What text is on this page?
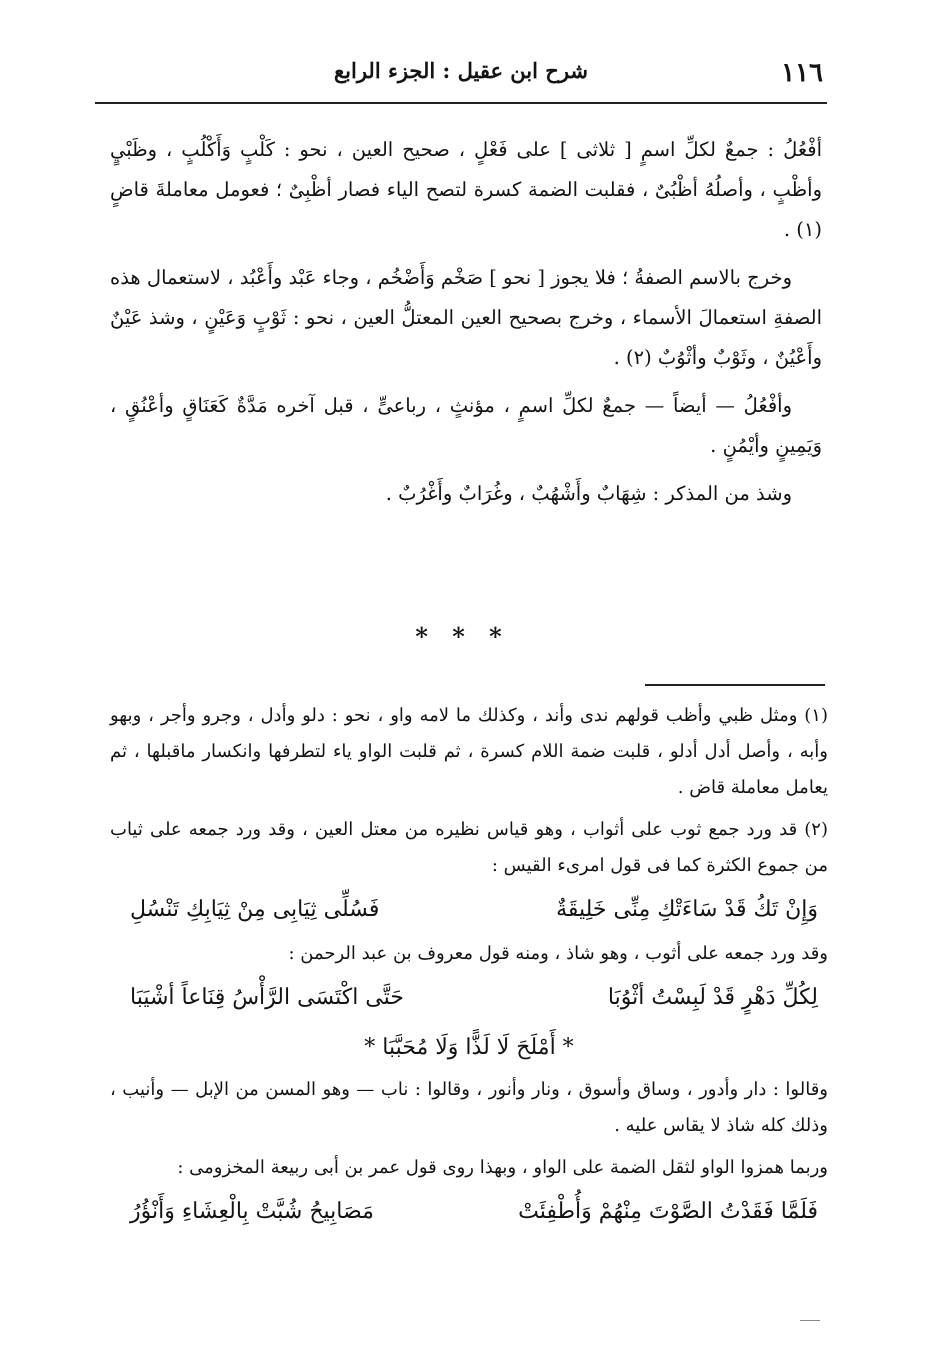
١١٦
شرح ابن عقيل : الجزء الرابع

أفْعُلُ : جمعٌ لكلِّ اسمٍ [ ثلاثى ] على فَعْلٍ ، صحيح العين ، نحو : كَلْبٍ وَأَكْلُبٍ ، وظَبْيٍ وأظْبٍ ، وأصلُهُ أظْبُىٌ ، فقلبت الضمة كسرة لتصح الياء فصار أظْبِىٌ ؛ فعومل معاملةَ قاضٍ (١) .

وخرج بالاسم الصفةُ ؛ فلا يجوز [ نحو ] صَخْم وَأَضْخُم ، وجاء عَبْد وأَعْبُد ، لاستعمال هذه الصفةِ استعمالَ الأسماء ، وخرج بصحيح العين المعتلُّ العين ، نحو : ثَوْبٍ وَعَيْنٍ ، وشذ عَيْنٌ وأَعْيُنٌ ، وثَوْبٌ وأثْوُبٌ (٢) .

وأفْعُلُ — أيضاً — جمعٌ لكلِّ اسمٍ ، مؤنثٍ ، رباعىٍّ ، قبل آخره مَدَّةٌ كَعَنَاقٍ وأعْنُقٍ ، وَيَمِينٍ وأيْمُنٍ .

وشذ من المذكر : شِهَابٌ وأَشْهُبٌ ، وغُرَابٌ وأَغْرُبٌ .

* * *

(١) ومثل ظبي وأظب قولهم ندى وأند ، وكذلك ما لامه واو ، نحو : دلو وأدل ، وجرو وأجر ، وبهو وأبه ، وأصل أدل أدلو ، قلبت ضمة اللام كسرة ، ثم قلبت الواو ياء لتطرفها وانكسار ماقبلها ، ثم يعامل معاملة قاض .

(٢) قد ورد جمع ثوب على أثواب ، وهو قياس نظيره من معتل العين ، وقد ورد جمعه على ثياب من جموع الكثرة كما فى قول امرىء القيس :

وَإِنْ تَكُ قَدْ سَاءَتْكِ مِنِّى خَلِيقَةٌ
فَسُلِّى ثِيَابِى مِنْ ثِيَابِكِ تَنْسُلِ

وقد ورد جمعه على أثوب ، وهو شاذ ، ومنه قول معروف بن عبد الرحمن :

لِكُلِّ دَهْرٍ قَدْ لَبِسْتُ أثْوُبَا
حَتَّى اكْتَسَى الرَّأْسُ قِنَاعاً أشْيَبَا
* أَمْلَحَ لَا لَذًّا وَلَا مُحَبَّبَا *

وقالوا : دار وأدور ، وساق وأسوق ، ونار وأنور ، وقالوا : ناب — وهو المسن من الإبل — وأنيب ، وذلك كله شاذ لا يقاس عليه .

وربما همزوا الواو لثقل الضمة على الواو ، وبهذا روى قول عمر بن أبى ربيعة المخزومى :

فَلَمَّا فَقَدْتُ الصَّوْتَ مِنْهُمْ وَأُطْفِئَتْ
مَصَابِيحُ شُبَّتْ بِالْعِشَاءِ وَأَنْؤُرُ
